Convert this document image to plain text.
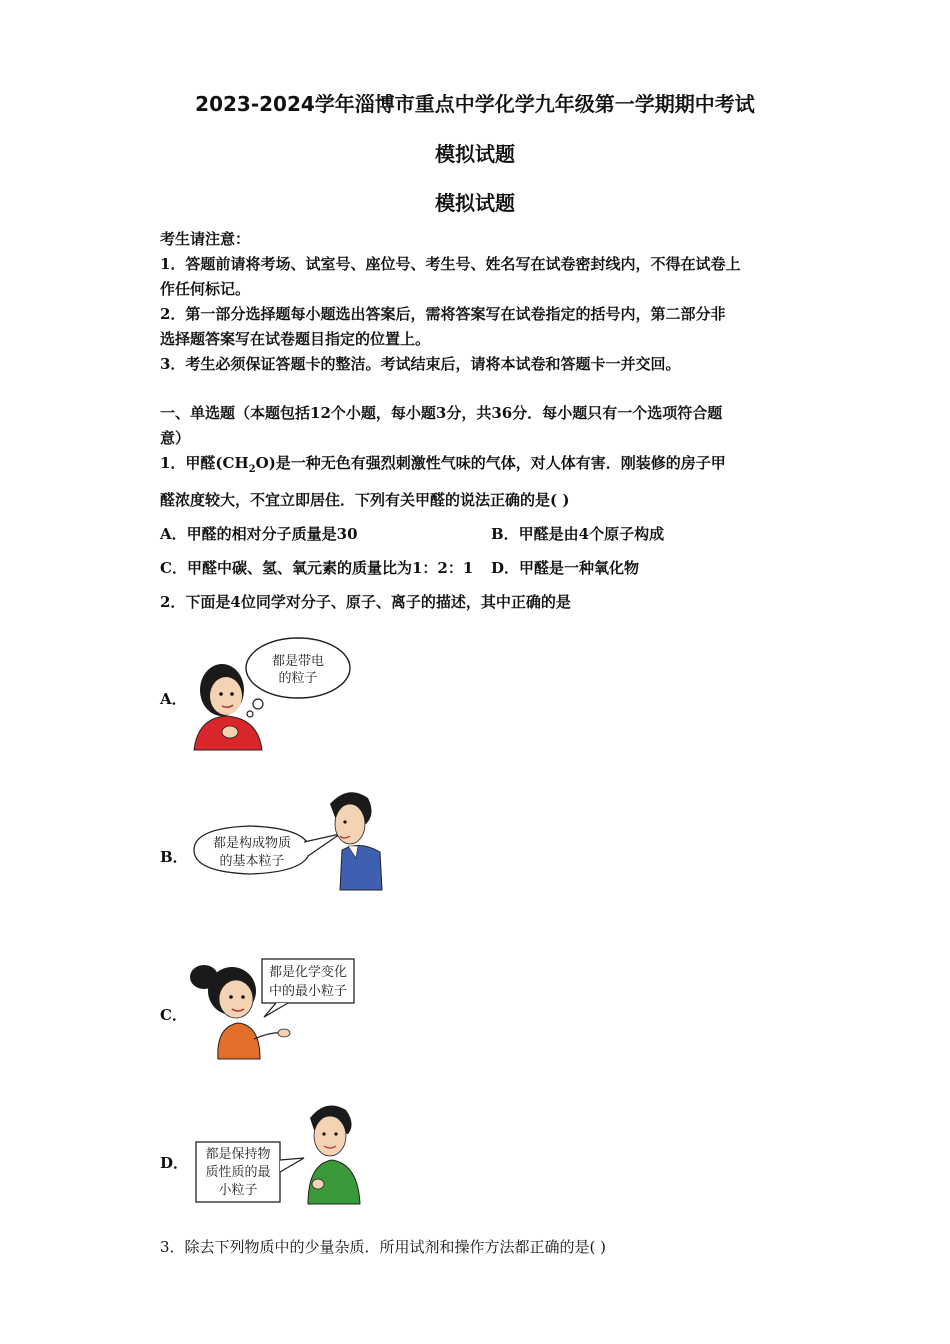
2023-2024学年淄博市重点中学化学九年级第一学期期中考试
模拟试题
模拟试题
考生请注意：
1．答题前请将考场、试室号、座位号、考生号、姓名写在试卷密封线内，不得在试卷上
作任何标记。
2．第一部分选择题每小题选出答案后，需将答案写在试卷指定的括号内，第二部分非
选择题答案写在试卷题目指定的位置上。
3．考生必须保证答题卡的整洁。考试结束后，请将本试卷和答题卡一并交回。
一、单选题（本题包括12个小题，每小题3分，共36分．每小题只有一个选项符合题
意）
1．甲醛$(CH_2O)$是一种无色有强烈刺激性气味的气体，对人体有害．刚装修的房子甲
醛浓度较大，不宜立即居住．下列有关甲醛的说法正确的是( )
A．甲醛的相对分子质量是30	B．甲醛是由4个原子构成
C．甲醛中碳、氢、氧元素的质量比为1：2：1 D．甲醛是一种氧化物
2．下面是4位同学对分子、原子、离子的描述，其中正确的是
A．
都是带电
的粒子
B．
都是构成物质
的基本粒子
C．
都是化学变化
中的最小粒子
D． 都是保持物
质性质的最
小粒子
3．除去下列物质中的少量杂质．所用试剂和操作方法都正确的是( )
